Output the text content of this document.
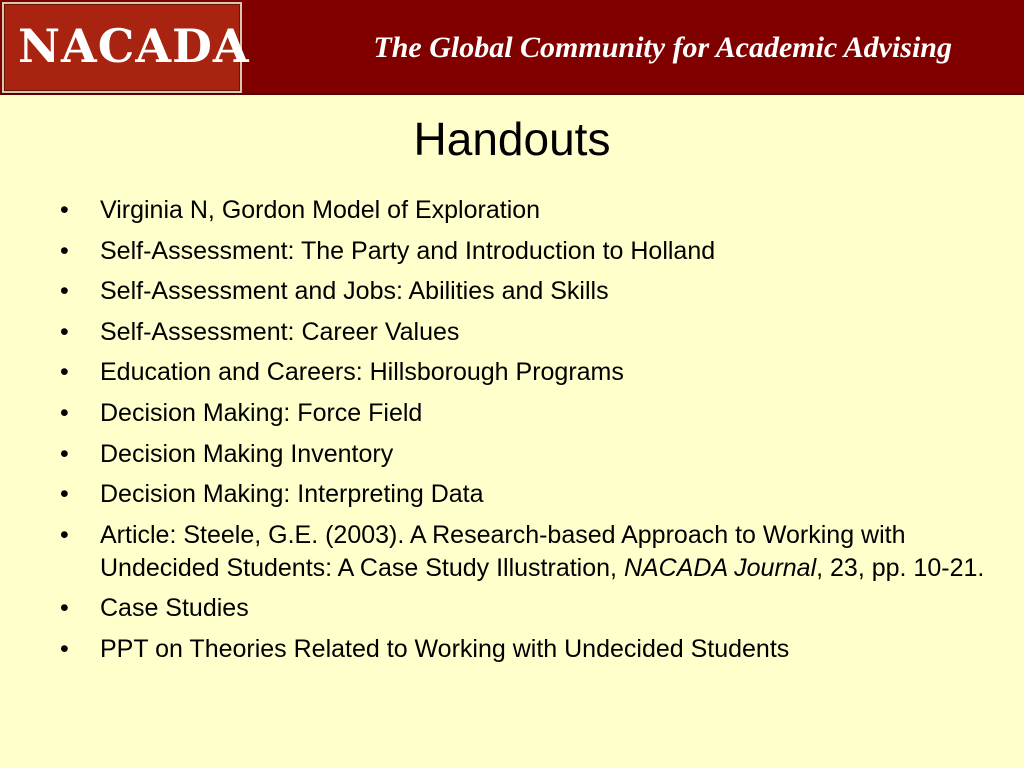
NACADA	The Global Community for Academic Advising
Handouts
• Virginia N, Gordon Model of Exploration
• Self-Assessment: The Party and Introduction to Holland
• Self-Assessment and Jobs: Abilities and Skills
• Self-Assessment: Career Values
• Education and Careers: Hillsborough Programs
• Decision Making: Force Field
• Decision Making Inventory
• Decision Making: Interpreting Data
• Article: Steele, G.E. (2003). A Research-based Approach to Working with Undecided Students: A Case Study Illustration, NACADA Journal, 23, pp. 10-21.
• Case Studies
• PPT on Theories Related to Working with Undecided Students
